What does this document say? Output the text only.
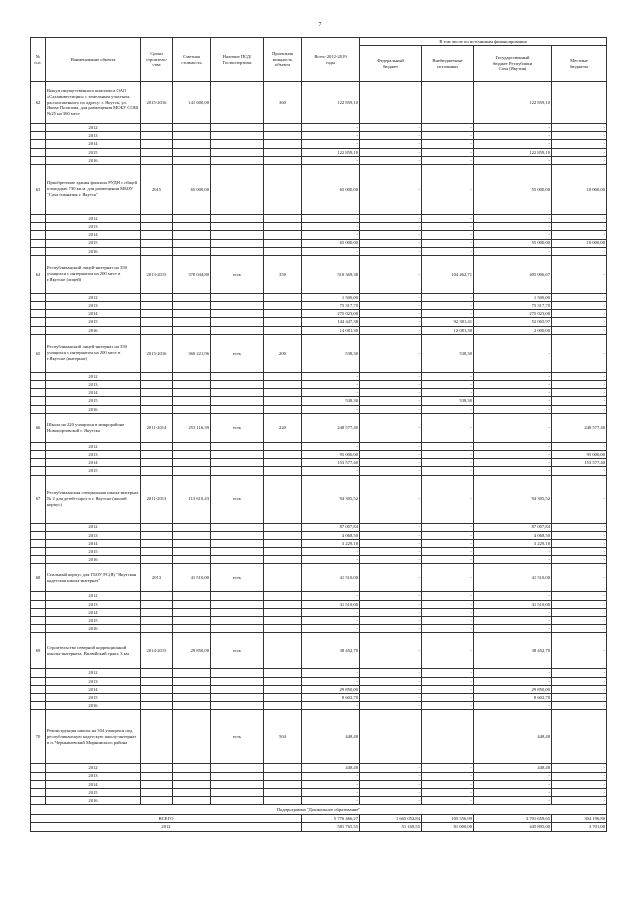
7
№
п.п.	Наименование объекта	Сроки
строитель-
ства	Сметная
стоимость	Наличие ПСД/
Госэкспертизы	Проектная
мощность
объекта	Всего 2012-2019
годы	В том числе по источникам финансирования			
							Федеральный
бюджет	Внебюджетные
источники	Государственный
бюджет Республики
Саха (Якутия)	Местные
бюджеты
62	Выкуп имущественного комплекса ОАО «Сахаинвестиции» с земельным участком, расположенного по адресу: г. Якутск, ул. Якова Потапова, для размещения МОБУ СОШ №25 на 360 мест	2015-2016	141 600,00		360	122 859,10			122 859,10	
	2012					-	-	-	-	-
	2013					-	-	-	-	-
	2014					-	-	-	-	-
	2015					122 859,10	-	-	122 859,10	-
	2016					-	-	-	-	-
63	Приобретение здания филиала РУДН с общей площадью 730 кв.м. для размещения МБОУ "Саха гимназия г. Якутск"	2015	65 000,00			65 000,00	-	-	55 000,00	10 000,00
	2012					-	-	-	-	-
	2013					-	-	-	-	-
	2014					-	-	-	-	-
	2015					65 000,00	-	-	55 000,00	10 000,00
	2016					-	-	-	-	-
64	Республиканский лицей-интернат на 350 учащихся с интернатом на 200 мест в г.Якутске (лицей)	2013-2015	378 044,80	есть	350	510 369,38	-	104 462,71	405 906,67	-
	2012					1 500,00	-	-	1 500,00	-
	2013					75 317,70	-	-	75 317,70	-
	2014					275 023,00	-	-	275 023,00	-
	2015					144 447,38	-	92 381,41	52 065,97	-
	2016					14 081,30	-	12 081,30	2 000,00	-
65	Республиканский лицей-интернат на 350 учащихся с интернатом на 200 мест в г.Якутске (интернат)	2015-2016	360 221,96	есть	200	538,30	-	538,30	-	-
	2012					-	-	-	-	-
	2013					-	-	-	-	-
	2014					-	-	-	-	-
	2015					538,30	-	538,30	-	-
	2016					-	-	-	-	-
66	Школа на 220 учащихся в микрорайоне Новопортовской г. Якутска	2011-2014	253 116,39	есть	220	248 577,40	-	-	-	248 577,40
	2012					-	-	-	-	-
	2013					95 000,00	-	-	-	95 000,00
	2014					153 577,40	-	-	-	153 577,40
	2015					-	-	-	-	-
67	Республиканская специальная школа-интернат № 2 для детей-сирот в г. Якутске (жилой корпус)	2011-2013	113 610,43	есть		94 305,52	-	-	94 305,52	-
	2012					87 007,84	-	-	87 007,84	-
	2013					4 068,50	-	-	4 068,50	-
	2014					3 229,18	-	-	3 229,18	-
	2015					-	-	-	-	-
	2016					-	-	-	-	-
68	Спальный корпус для ГБОУ РС(Я) "Якутская кадетская школа-интернат"	2013	41 510,00	есть		41 510,00	-	-	41 510,00	-
	2012					-	-	-	-	-
	2013					41 510,00	-	-	41 510,00	-
	2014					-	-	-	-	-
	2015					-	-	-	-	-
	2016					-	-	-	-	-
69	Строительство северной коррекционной школы-интерната, Вилюйский тракт, 3 км	2014-2015	29 850,00	есть		38 452,70	-	-	38 452,70	-
	2012					-	-	-	-	-
	2013					-	-	-	-	-
	2014					29 850,00	-	-	29 850,00	-
	2015					8 602,70	-	-	8 602,70	-
	2016					-	-	-	-	-
70	Реконструкция школы на 504 учащихся под республиканскую кадетскую школу-интернат в п. Чернышевский Мирнинского района			есть	504	448,48			448,48	
	2012					448,48	-	-	448,48	-
	2013					-	-	-	-	-
	2014					-	-	-	-	-
	2015					-	-	-	-	-
	2016					-	-	-	-	-
Подпрограмма "Дошкольное образование"										
ВСЕГО						5 776 466,27	1 665 052,84	105 556,99	3 701 659,65	304 196,80
2012						581 765,55	51 169,55	81 000,00	445 895,00	3 701,00
